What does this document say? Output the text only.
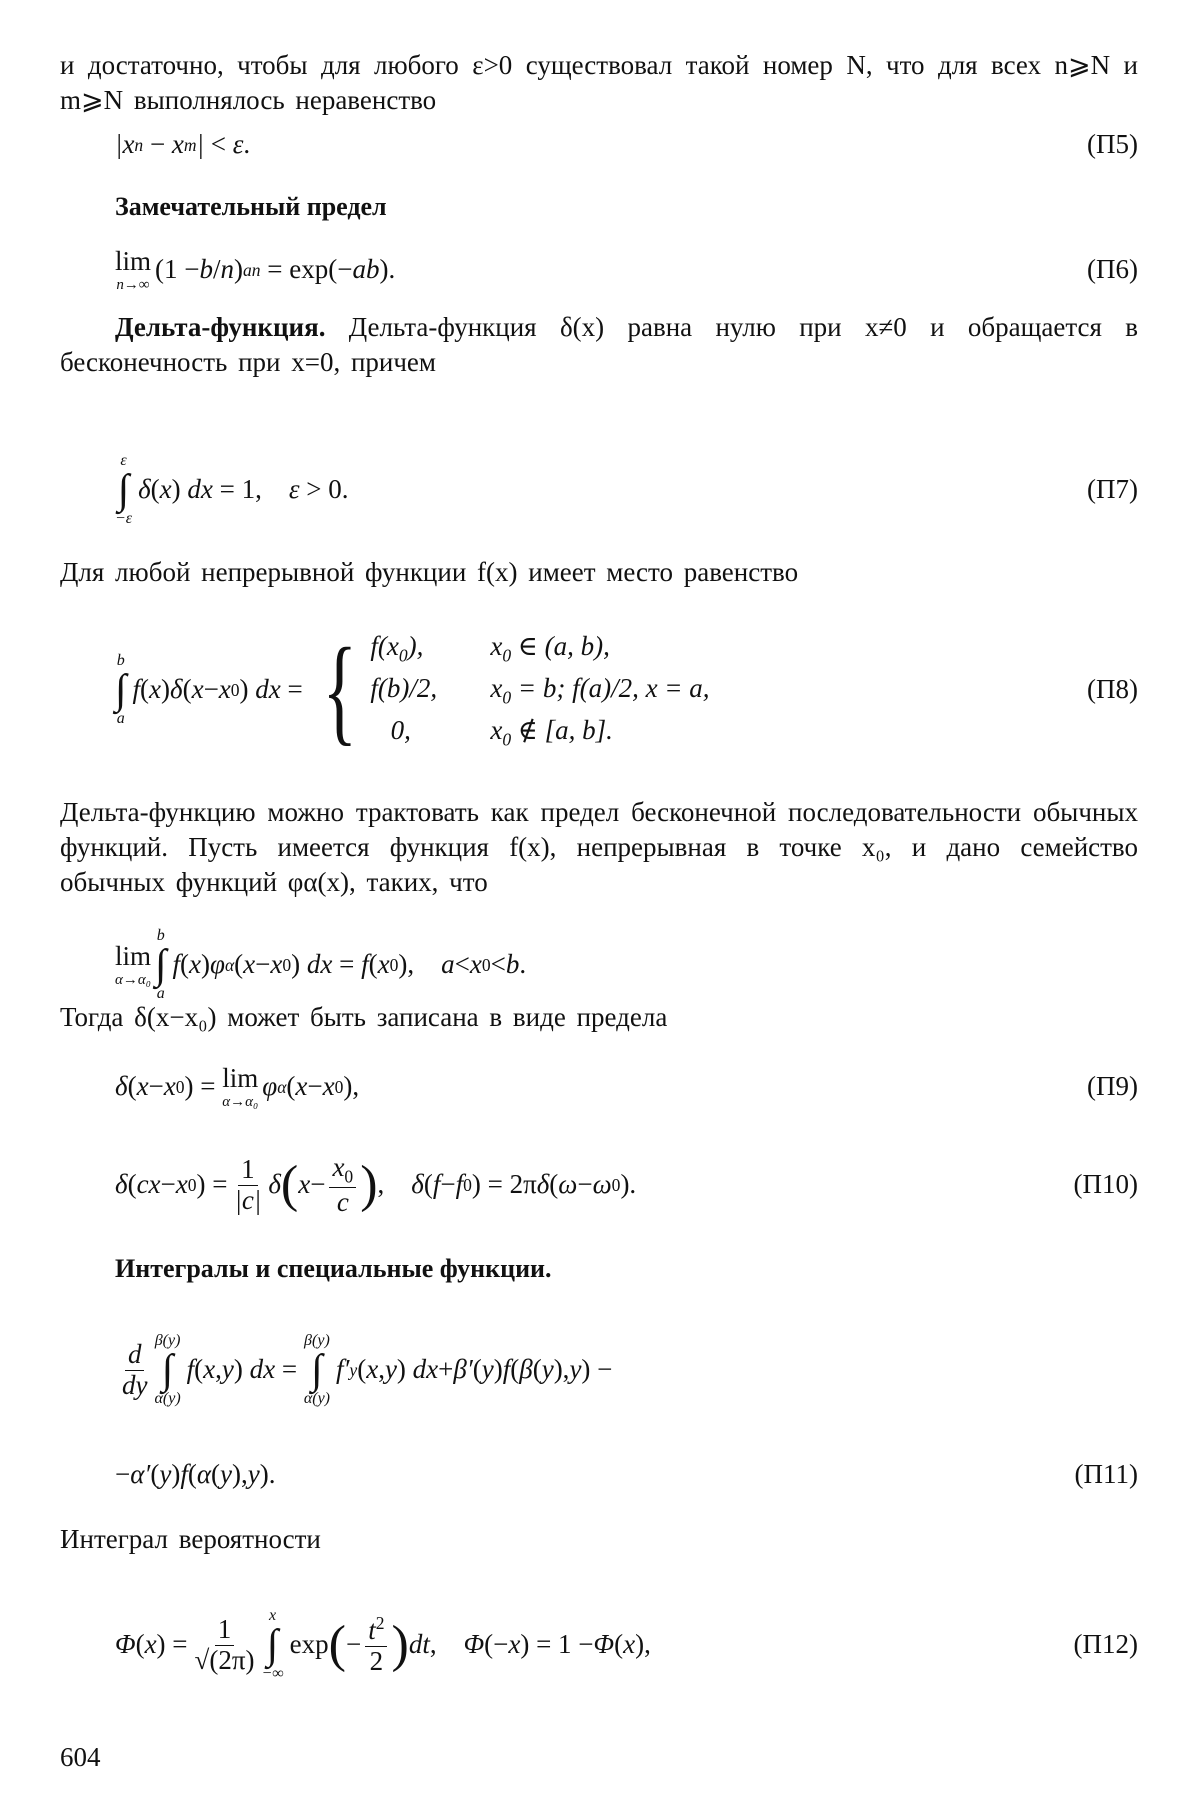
и достаточно, чтобы для любого ε>0 существовал такой номер N, что для всех n⩾N и m⩾N выполнялось неравенство
| x n − x m | < ε .	(П5)
Замечательный предел
lim
n→∞
(1 − b / n ) an = exp(− ab ).	(П6)
Дельта-функция. Дельта-функция δ(x) равна нулю при x≠0 и обращается в бесконечность при x=0, причем
ε
∫
−ε
δ ( x ) dx = 1, ε > 0.	(П7)
Для любой непрерывной функции f(x) имеет место равенство
b
∫
a
f ( x ) δ ( x − x 0 ) dx = { $f(x_0)$,	$x_0$ ∈ (a, b),
f(b)/2,	$x_0 = b$; f(a)/2, x = a,
0,	$x_0$ ∉ [a, b].
(П8)
Дельта-функцию можно трактовать как предел бесконечной последовательности обычных функций. Пусть имеется функция f(x), непрерывная в точке x₀, и дано семейство обычных функций φα(x), таких, что
lim
α→α₀
b
∫
a
f ( x ) φ α ( x − x 0 ) dx = f ( x 0 ), a < x 0 < b .
Тогда δ(x−x₀) может быть записана в виде предела
δ ( x − x 0 ) = lim
α→α₀
φ α ( x − x 0 ),	(П9)
δ ( cx − x 0 ) = $\frac{1}{|c|}$ δ ( $x - \frac{x_0}{c}$ ) , δ ( f − f 0 ) = 2π δ ( ω − ω 0 ).	(П10)
Интегралы и специальные функции.
$\frac{d}{dy} \beta(y)$
∫
α(y)
f ( x , y ) dx =
β(y)
∫
α(y)
f′ y ( x , y ) dx + β′ ( y ) f ( β ( y ), y ) −
− α′ ( y ) f ( α ( y ), y ).	(П11)
Интеграл вероятности
Φ ( x ) = $\frac{1}{√(2\pi)}$ x
∫
−∞
exp ( − $\frac{t^2}{2}$ ) dt , Φ (− x ) = 1 − Φ ( x ),	(П12)
604
